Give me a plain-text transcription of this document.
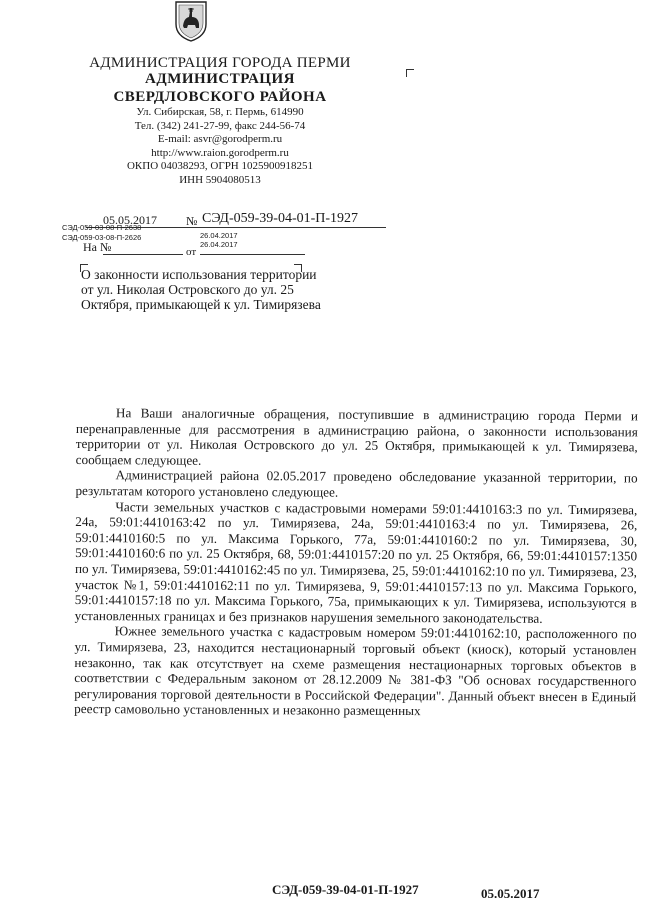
АДМИНИСТРАЦИЯ ГОРОДА ПЕРМИ
АДМИНИСТРАЦИЯ
СВЕРДЛОВСКОГО РАЙОНА
Ул. Сибирская, 58, г. Пермь, 614990
Тел. (342) 241-27-99, факс 244-56-74
E-mail: asvr@gorodperm.ru
http://www.raion.gorodperm.ru
ОКПО 04038293, ОГРН 1025900918251
ИНН 5904080513
05.05.2017 № СЭД-059-39-04-01-П-1927
СЭД-059-03-08-П-2638
СЭД-059-03-08-П-2626	26.04.2017
26.04.2017
На №	от
О законности использования территории от ул. Николая Островского до ул. 25 Октября, примыкающей к ул. Тимирязева

На Ваши аналогичные обращения, поступившие в администрацию города Перми и перенаправленные для рассмотрения в администрацию района, о законности использования территории от ул. Николая Островского до ул. 25 Октября, примыкающей к ул. Тимирязева, сообщаем следующее.

Администрацией района 02.05.2017 проведено обследование указанной территории, по результатам которого установлено следующее.

Части земельных участков с кадастровыми номерами 59:01:4410163:3 по ул. Тимирязева, 24а, 59:01:4410163:42 по ул. Тимирязева, 24а, 59:01:4410163:4 по ул. Тимирязева, 26, 59:01:4410160:5 по ул. Максима Горького, 77а, 59:01:4410160:2 по ул. Тимирязева, 30, 59:01:4410160:6 по ул. 25 Октября, 68, 59:01:4410157:20 по ул. 25 Октября, 66, 59:01:4410157:1350 по ул. Тимирязева, 59:01:4410162:45 по ул. Тимирязева, 25, 59:01:4410162:10 по ул. Тимирязева, 23, участок №1, 59:01:4410162:11 по ул. Тимирязева, 9, 59:01:4410157:13 по ул. Максима Горького, 59:01:4410157:18 по ул. Максима Горького, 75а, примыкающих к ул. Тимирязева, используются в установленных границах и без признаков нарушения земельного законодательства.

Южнее земельного участка с кадастровым номером 59:01:4410162:10, расположенного по ул. Тимирязева, 23, находится нестационарный торговый объект (киоск), который установлен незаконно, так как отсутствует на схеме размещения нестационарных торговых объектов в соответствии с Федеральным законом от 28.12.2009 № 381-ФЗ "Об основах государственного регулирования торговой деятельности в Российской Федерации". Данный объект внесен в Единый реестр самовольно установленных и незаконно размещенных

СЭД-059-39-04-01-П-1927	05.05.2017
